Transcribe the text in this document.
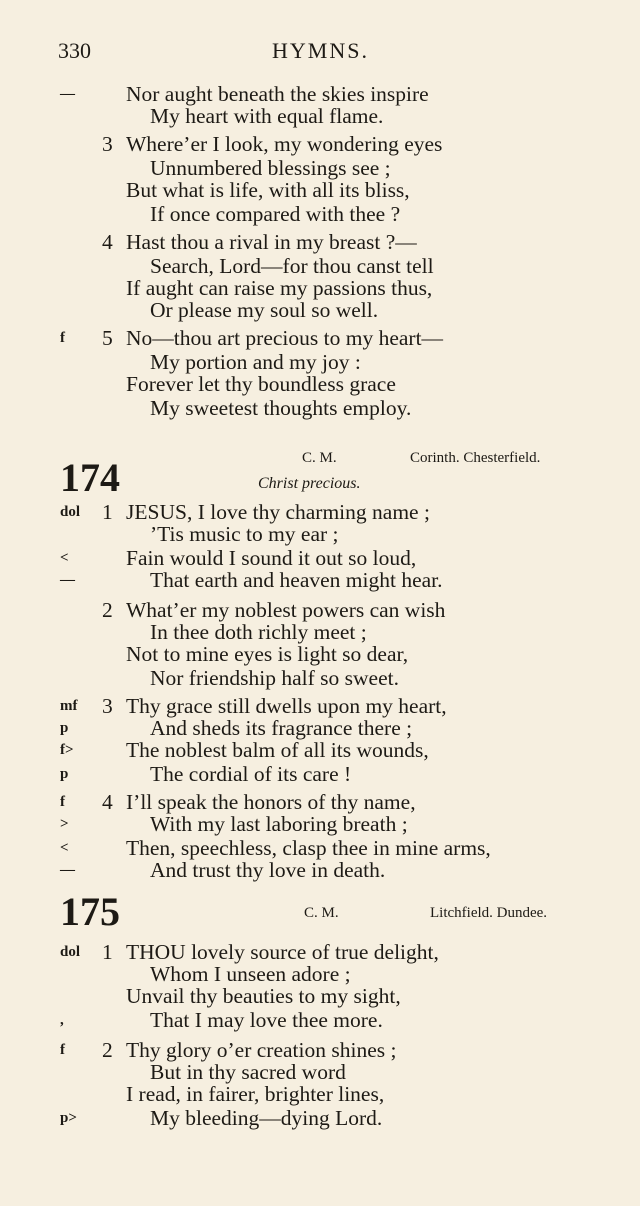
330	HYMNS.
— Nor aught beneath the skies inspire
My heart with equal flame.
3 Where’er I look, my wondering eyes
Unnumbered blessings see ;
But what is life, with all its bliss,
If once compared with thee ?
4 Hast thou a rival in my breast ?—
Search, Lord—for thou canst tell
If aught can raise my passions thus,
Or please my soul so well.
f 5 No—thou art precious to my heart—
My portion and my joy :
Forever let thy boundless grace
My sweetest thoughts employ.
174	C. M.	Corinth. Chesterfield.
Christ precious.
dol 1 JESUS, I love thy charming name ;
’Tis music to my ear ;
<	Fain would I sound it out so loud,
—	That earth and heaven might hear.
2 What’er my noblest powers can wish
In thee doth richly meet ;
Not to mine eyes is light so dear,
Nor friendship half so sweet.
mf 3 Thy grace still dwells upon my heart,
p	And sheds its fragrance there ;
f> The noblest balm of all its wounds,
p	The cordial of its care !
f 4 I’ll speak the honors of thy name,
>	With my last laboring breath ;
<	Then, speechless, clasp thee in mine arms,
—	And trust thy love in death.
175	C. M.	Litchfield. Dundee.
dol 1 THOU lovely source of true delight,
Whom I unseen adore ;
Unvail thy beauties to my sight,
,	That I may love thee more.
f 2 Thy glory o’er creation shines ;
But in thy sacred word
I read, in fairer, brighter lines,
p>	My bleeding—dying Lord.
